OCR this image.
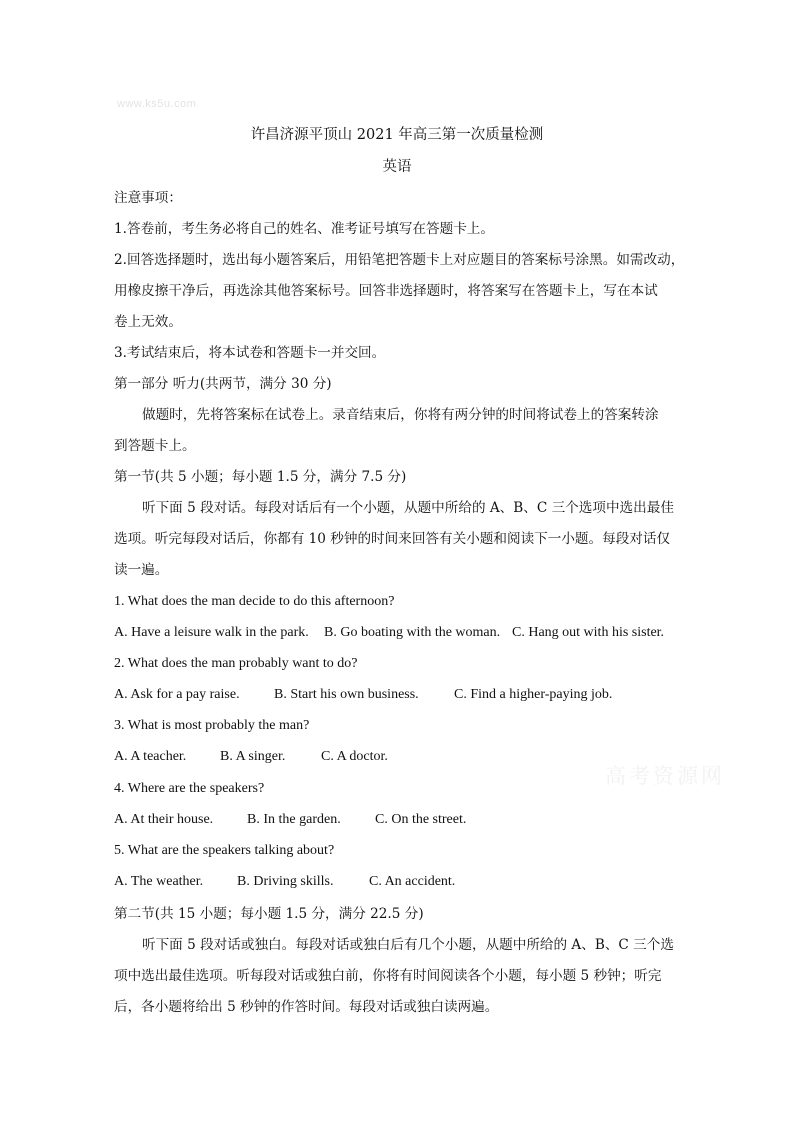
www.ks5u.com
高考资源网
许昌济源平顶山 2021 年高三第一次质量检测
英语
注意事项：
1.答卷前，考生务必将自己的姓名、准考证号填写在答题卡上。
2.回答选择题时，选出每小题答案后，用铅笔把答题卡上对应题目的答案标号涂黑。如需改动，
用橡皮擦干净后，再选涂其他答案标号。回答非选择题时，将答案写在答题卡上，写在本试
卷上无效。
3.考试结束后，将本试卷和答题卡一并交回。
第一部分 听力(共两节，满分 30 分)
做题时，先将答案标在试卷上。录音结束后，你将有两分钟的时间将试卷上的答案转涂
到答题卡上。
第一节(共 5 小题；每小题 1.5 分，满分 7.5 分)
听下面 5 段对话。每段对话后有一个小题，从题中所给的 A、B、C 三个选项中选出最佳
选项。听完每段对话后，你都有 10 秒钟的时间来回答有关小题和阅读下一小题。每段对话仅
读一遍。
1. What does the man decide to do this afternoon?
A. Have a leisure walk in the park. B. Go boating with the woman. C. Hang out with his sister.
2. What does the man probably want to do?
A. Ask for a pay raise. B. Start his own business.	C. Find a higher-paying job.
3. What is most probably the man?
A. A teacher. B. A singer.	C. A doctor.
4. Where are the speakers?
A. At their house. B. In the garden. C. On the street.
5. What are the speakers talking about?
A. The weather. B. Driving skills.	C. An accident.
第二节(共 15 小题；每小题 1.5 分，满分 22.5 分)
听下面 5 段对话或独白。每段对话或独白后有几个小题，从题中所给的 A、B、C 三个选
项中选出最佳选项。听每段对话或独白前，你将有时间阅读各个小题，每小题 5 秒钟；听完
后，各小题将给出 5 秒钟的作答时间。每段对话或独白读两遍。
